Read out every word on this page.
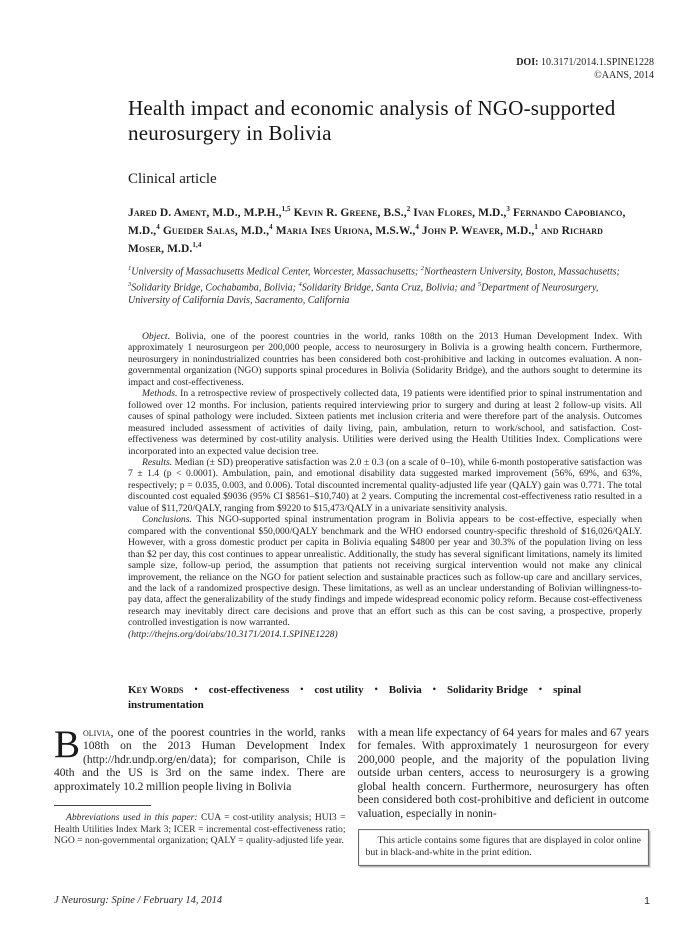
DOI: 10.3171/2014.1.SPINE1228
©AANS, 2014
Health impact and economic analysis of NGO-supported neurosurgery in Bolivia
Clinical article
Jared D. Ament, M.D., M.P.H.,$^{1,5}$ Kevin R. Greene, B.S.,$^2$ Ivan Flores, M.D.,$^3$ Fernando Capobianco, M.D.,$^4$ Gueider Salas, M.D.,$^4$ Maria Ines Uriona, M.S.W.,$^4$ John P. Weaver, M.D.,$^1$ and Richard Moser, M.D.$^{1,4}$
$^1$University of Massachusetts Medical Center, Worcester, Massachusetts; $^2$Northeastern University, Boston, Massachusetts; $^3$Solidarity Bridge, Cochabamba, Bolivia; $^4$Solidarity Bridge, Santa Cruz, Bolivia; and $^5$Department of Neurosurgery, University of California Davis, Sacramento, California

Object. Bolivia, one of the poorest countries in the world, ranks 108th on the 2013 Human Development Index. With approximately 1 neurosurgeon per 200,000 people, access to neurosurgery in Bolivia is a growing health concern. Furthermore, neurosurgery in nonindustrialized countries has been considered both cost-prohibitive and lacking in outcomes evaluation. A non-governmental organization (NGO) supports spinal procedures in Bolivia (Solidarity Bridge), and the authors sought to determine its impact and cost-effectiveness.

Methods. In a retrospective review of prospectively collected data, 19 patients were identified prior to spinal instrumentation and followed over 12 months. For inclusion, patients required interviewing prior to surgery and during at least 2 follow-up visits. All causes of spinal pathology were included. Sixteen patients met inclusion criteria and were therefore part of the analysis. Outcomes measured included assessment of activities of daily living, pain, ambulation, return to work/school, and satisfaction. Cost-effectiveness was determined by cost-utility analysis. Utilities were derived using the Health Utilities Index. Complications were incorporated into an expected value decision tree.

Results. Median (± SD) preoperative satisfaction was 2.0 ± 0.3 (on a scale of 0–10), while 6-month postoperative satisfaction was 7 ± 1.4 (p < 0.0001). Ambulation, pain, and emotional disability data suggested marked improvement (56%, 69%, and 63%, respectively; p = 0.035, 0.003, and 0.006). Total discounted incremental quality-adjusted life year (QALY) gain was 0.771. The total discounted cost equaled $9036 (95% CI $8561–$10,740) at 2 years. Computing the incremental cost-effectiveness ratio resulted in a value of $11,720/QALY, ranging from $9220 to $15,473/QALY in a univariate sensitivity analysis.

Conclusions. This NGO-supported spinal instrumentation program in Bolivia appears to be cost-effective, especially when compared with the conventional $50,000/QALY benchmark and the WHO endorsed country-specific threshold of $16,026/QALY. However, with a gross domestic product per capita in Bolivia equaling $4800 per year and 30.3% of the population living on less than $2 per day, this cost continues to appear unrealistic. Additionally, the study has several significant limitations, namely its limited sample size, follow-up period, the assumption that patients not receiving surgical intervention would not make any clinical improvement, the reliance on the NGO for patient selection and sustainable practices such as follow-up care and ancillary services, and the lack of a randomized prospective design. These limitations, as well as an unclear understanding of Bolivian willingness-to-pay data, affect the generalizability of the study findings and impede widespread economic policy reform. Because cost-effectiveness research may inevitably direct care decisions and prove that an effort such as this can be cost saving, a prospective, properly controlled investigation is now warranted.

(http://thejns.org/doi/abs/10.3171/2014.1.SPINE1228)

Key Words • cost-effectiveness • cost utility • Bolivia • Solidarity Bridge • spinal instrumentation

Bolivia, one of the poorest countries in the world, ranks 108th on the 2013 Human Development Index (http://hdr.undp.org/en/data); for comparison, Chile is 40th and the US is 3rd on the same index. There are approximately 10.2 million people living in Bolivia

Abbreviations used in this paper: CUA = cost-utility analysis; HUI3 = Health Utilities Index Mark 3; ICER = incremental cost-effectiveness ratio; NGO = non-governmental organization; QALY = quality-adjusted life year.

with a mean life expectancy of 64 years for males and 67 years for females. With approximately 1 neurosurgeon for every 200,000 people, and the majority of the population living outside urban centers, access to neurosurgery is a growing global health concern. Furthermore, neurosurgery has often been considered both cost-prohibitive and deficient in outcome valuation, especially in nonin-

This article contains some figures that are displayed in color online but in black-and-white in the print edition.

J Neurosurg: Spine / February 14, 2014	1
